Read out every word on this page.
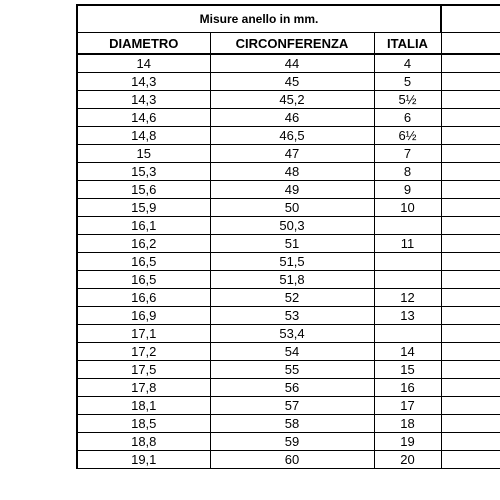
Misure anello in mm.			
DIAMETRO	CIRCONFERENZA	ITALIA	
14	44	4	
14,3	45	5	
14,3	45,2	5½	
14,6	46	6	
14,8	46,5	6½	
15	47	7	
15,3	48	8	
15,6	49	9	
15,9	50	10	
16,1	50,3		
16,2	51	11	
16,5	51,5		
16,5	51,8		
16,6	52	12	
16,9	53	13	
17,1	53,4		
17,2	54	14	
17,5	55	15	
17,8	56	16	
18,1	57	17	
18,5	58	18	
18,8	59	19	
19,1	60	20	
